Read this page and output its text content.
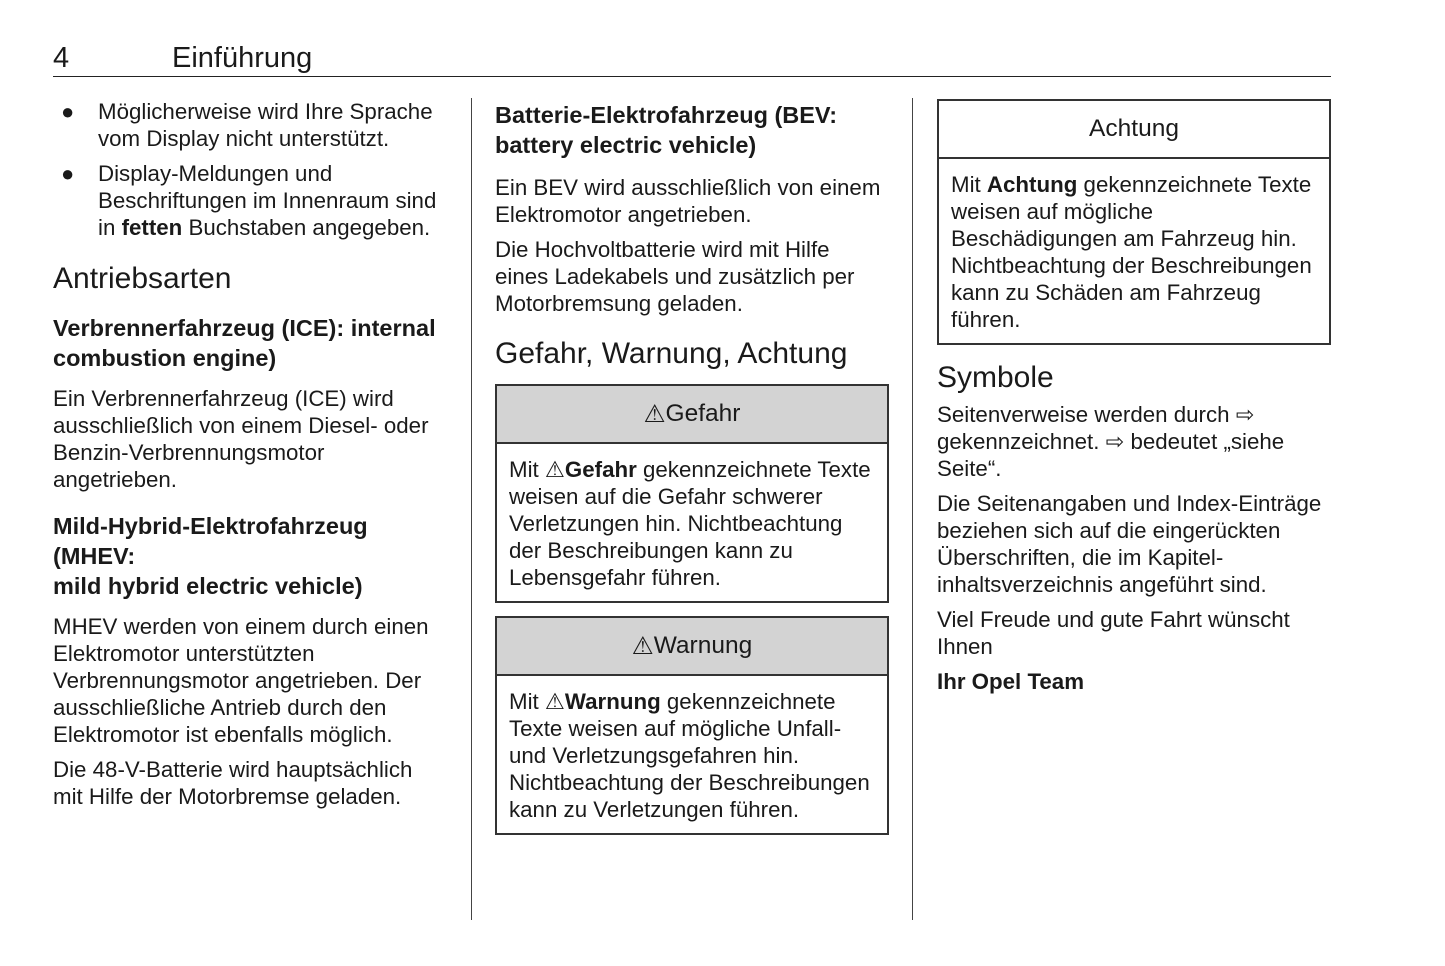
4	Einführung
● Möglicherweise wird Ihre Sprache vom Display nicht unterstützt.
● Display-Meldungen und Beschriftungen im Innenraum sind in fetten Buchstaben angegeben.
Antriebsarten
Verbrennerfahrzeug (ICE): internal combustion engine)

Ein Verbrennerfahrzeug (ICE) wird ausschließlich von einem Diesel- oder Benzin-Verbrennungsmotor angetrieben.

Mild-Hybrid-Elektrofahrzeug (MHEV:
mild hybrid electric vehicle)

MHEV werden von einem durch einen Elektromotor unterstützten Verbrennungsmotor angetrieben. Der ausschließliche Antrieb durch den Elektromotor ist ebenfalls möglich.

Die 48-V-Batterie wird hauptsächlich mit Hilfe der Motorbremse geladen.

Batterie-Elektrofahrzeug (BEV: battery electric vehicle)

Ein BEV wird ausschließlich von einem Elektromotor angetrieben.

Die Hochvoltbatterie wird mit Hilfe eines Ladekabels und zusätzlich per Motorbremsung geladen.

Gefahr, Warnung, Achtung
⚠ Gefahr

Mit ⚠Gefahr gekennzeichnete Texte weisen auf die Gefahr schwerer Verletzungen hin. Nichtbeachtung der Beschreibungen kann zu Lebensgefahr führen.

⚠ Warnung

Mit ⚠Warnung gekennzeichnete Texte weisen auf mögliche Unfall- und Verletzungsgefahren hin. Nichtbeachtung der Beschreibungen kann zu Verletzungen führen.

Achtung

Mit Achtung gekennzeichnete Texte weisen auf mögliche Beschädigungen am Fahrzeug hin. Nichtbeachtung der Beschreibungen kann zu Schäden am Fahrzeug führen.

Symbole

Seitenverweise werden durch ⇨ gekennzeichnet. ⇨ bedeutet „siehe Seite“.

Die Seitenangaben und Index-Einträge beziehen sich auf die eingerückten Überschriften, die im Kapitelinhaltsverzeichnis angeführt sind.

Viel Freude und gute Fahrt wünscht Ihnen

Ihr Opel Team
